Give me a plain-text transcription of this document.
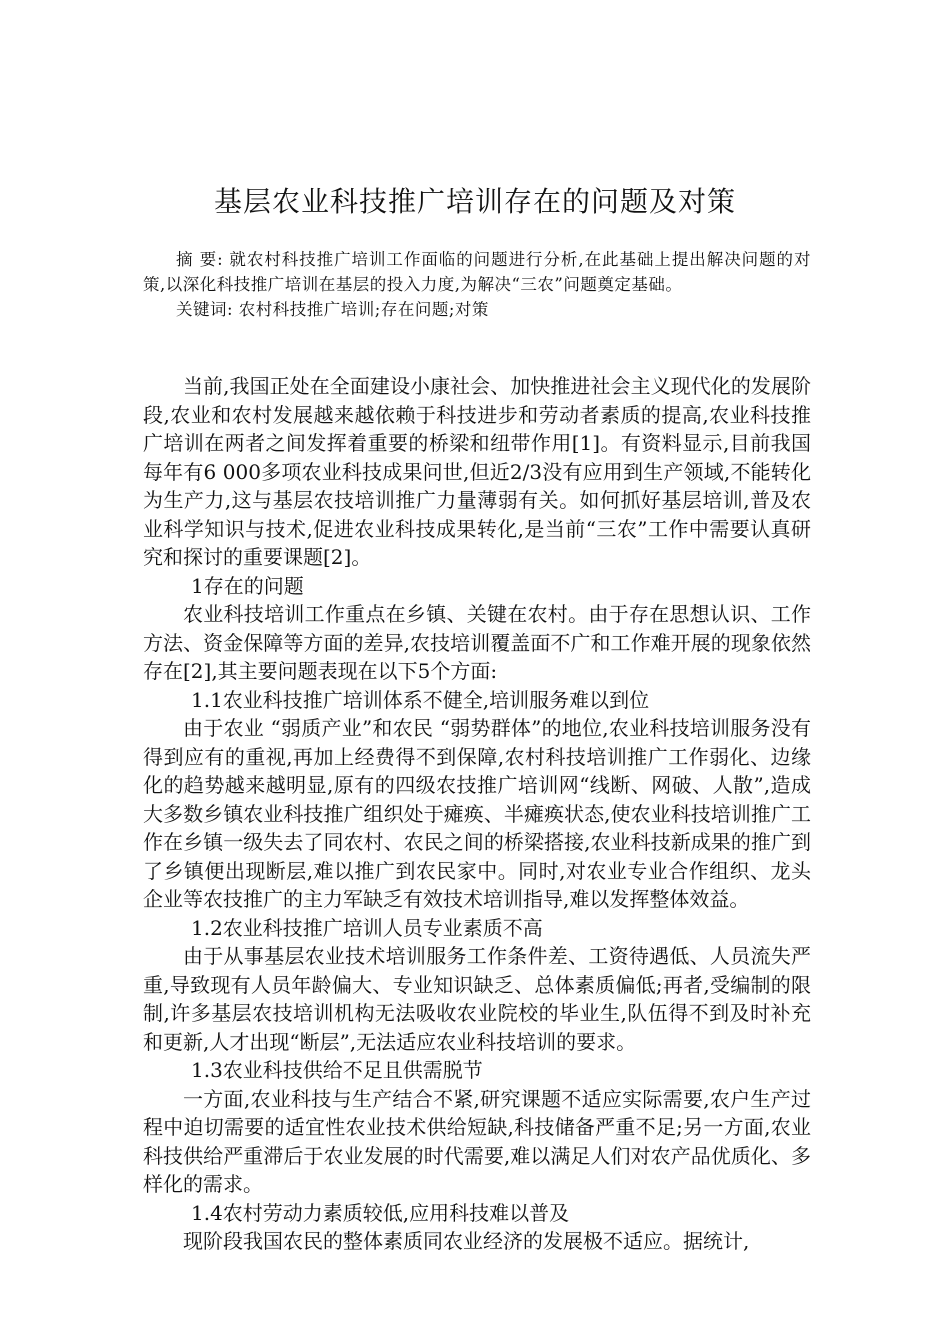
基层农业科技推广培训存在的问题及对策

摘 要: 就农村科技推广培训工作面临的问题进行分析,在此基础上提出解决问题的对策,以深化科技推广培训在基层的投入力度,为解决“三农”问题奠定基础。

关键词: 农村科技推广培训;存在问题;对策

当前,我国正处在全面建设小康社会、加快推进社会主义现代化的发展阶段,农业和农村发展越来越依赖于科技进步和劳动者素质的提高,农业科技推广培训在两者之间发挥着重要的桥梁和纽带作用[1]。有资料显示,目前我国每年有6 000多项农业科技成果问世,但近2/3没有应用到生产领域,不能转化为生产力,这与基层农技培训推广力量薄弱有关。如何抓好基层培训,普及农业科学知识与技术,促进农业科技成果转化,是当前“三农”工作中需要认真研究和探讨的重要课题[2]。

1存在的问题

农业科技培训工作重点在乡镇、关键在农村。由于存在思想认识、工作方法、资金保障等方面的差异,农技培训覆盖面不广和工作难开展的现象依然存在[2],其主要问题表现在以下5个方面:

1.1农业科技推广培训体系不健全,培训服务难以到位

由于农业 “弱质产业”和农民 “弱势群体”的地位,农业科技培训服务没有得到应有的重视,再加上经费得不到保障,农村科技培训推广工作弱化、边缘化的趋势越来越明显,原有的四级农技推广培训网“线断、网破、人散”,造成大多数乡镇农业科技推广组织处于瘫痪、半瘫痪状态,使农业科技培训推广工作在乡镇一级失去了同农村、农民之间的桥梁搭接,农业科技新成果的推广到了乡镇便出现断层,难以推广到农民家中。同时,对农业专业合作组织、龙头企业等农技推广的主力军缺乏有效技术培训指导,难以发挥整体效益。

1.2农业科技推广培训人员专业素质不高

由于从事基层农业技术培训服务工作条件差、工资待遇低、人员流失严重,导致现有人员年龄偏大、专业知识缺乏、总体素质偏低;再者,受编制的限制,许多基层农技培训机构无法吸收农业院校的毕业生,队伍得不到及时补充和更新,人才出现“断层”,无法适应农业科技培训的要求。

1.3农业科技供给不足且供需脱节

一方面,农业科技与生产结合不紧,研究课题不适应实际需要,农户生产过程中迫切需要的适宜性农业技术供给短缺,科技储备严重不足;另一方面,农业科技供给严重滞后于农业发展的时代需要,难以满足人们对农产品优质化、多样化的需求。

1.4农村劳动力素质较低,应用科技难以普及

现阶段我国农民的整体素质同农业经济的发展极不适应。据统计,
